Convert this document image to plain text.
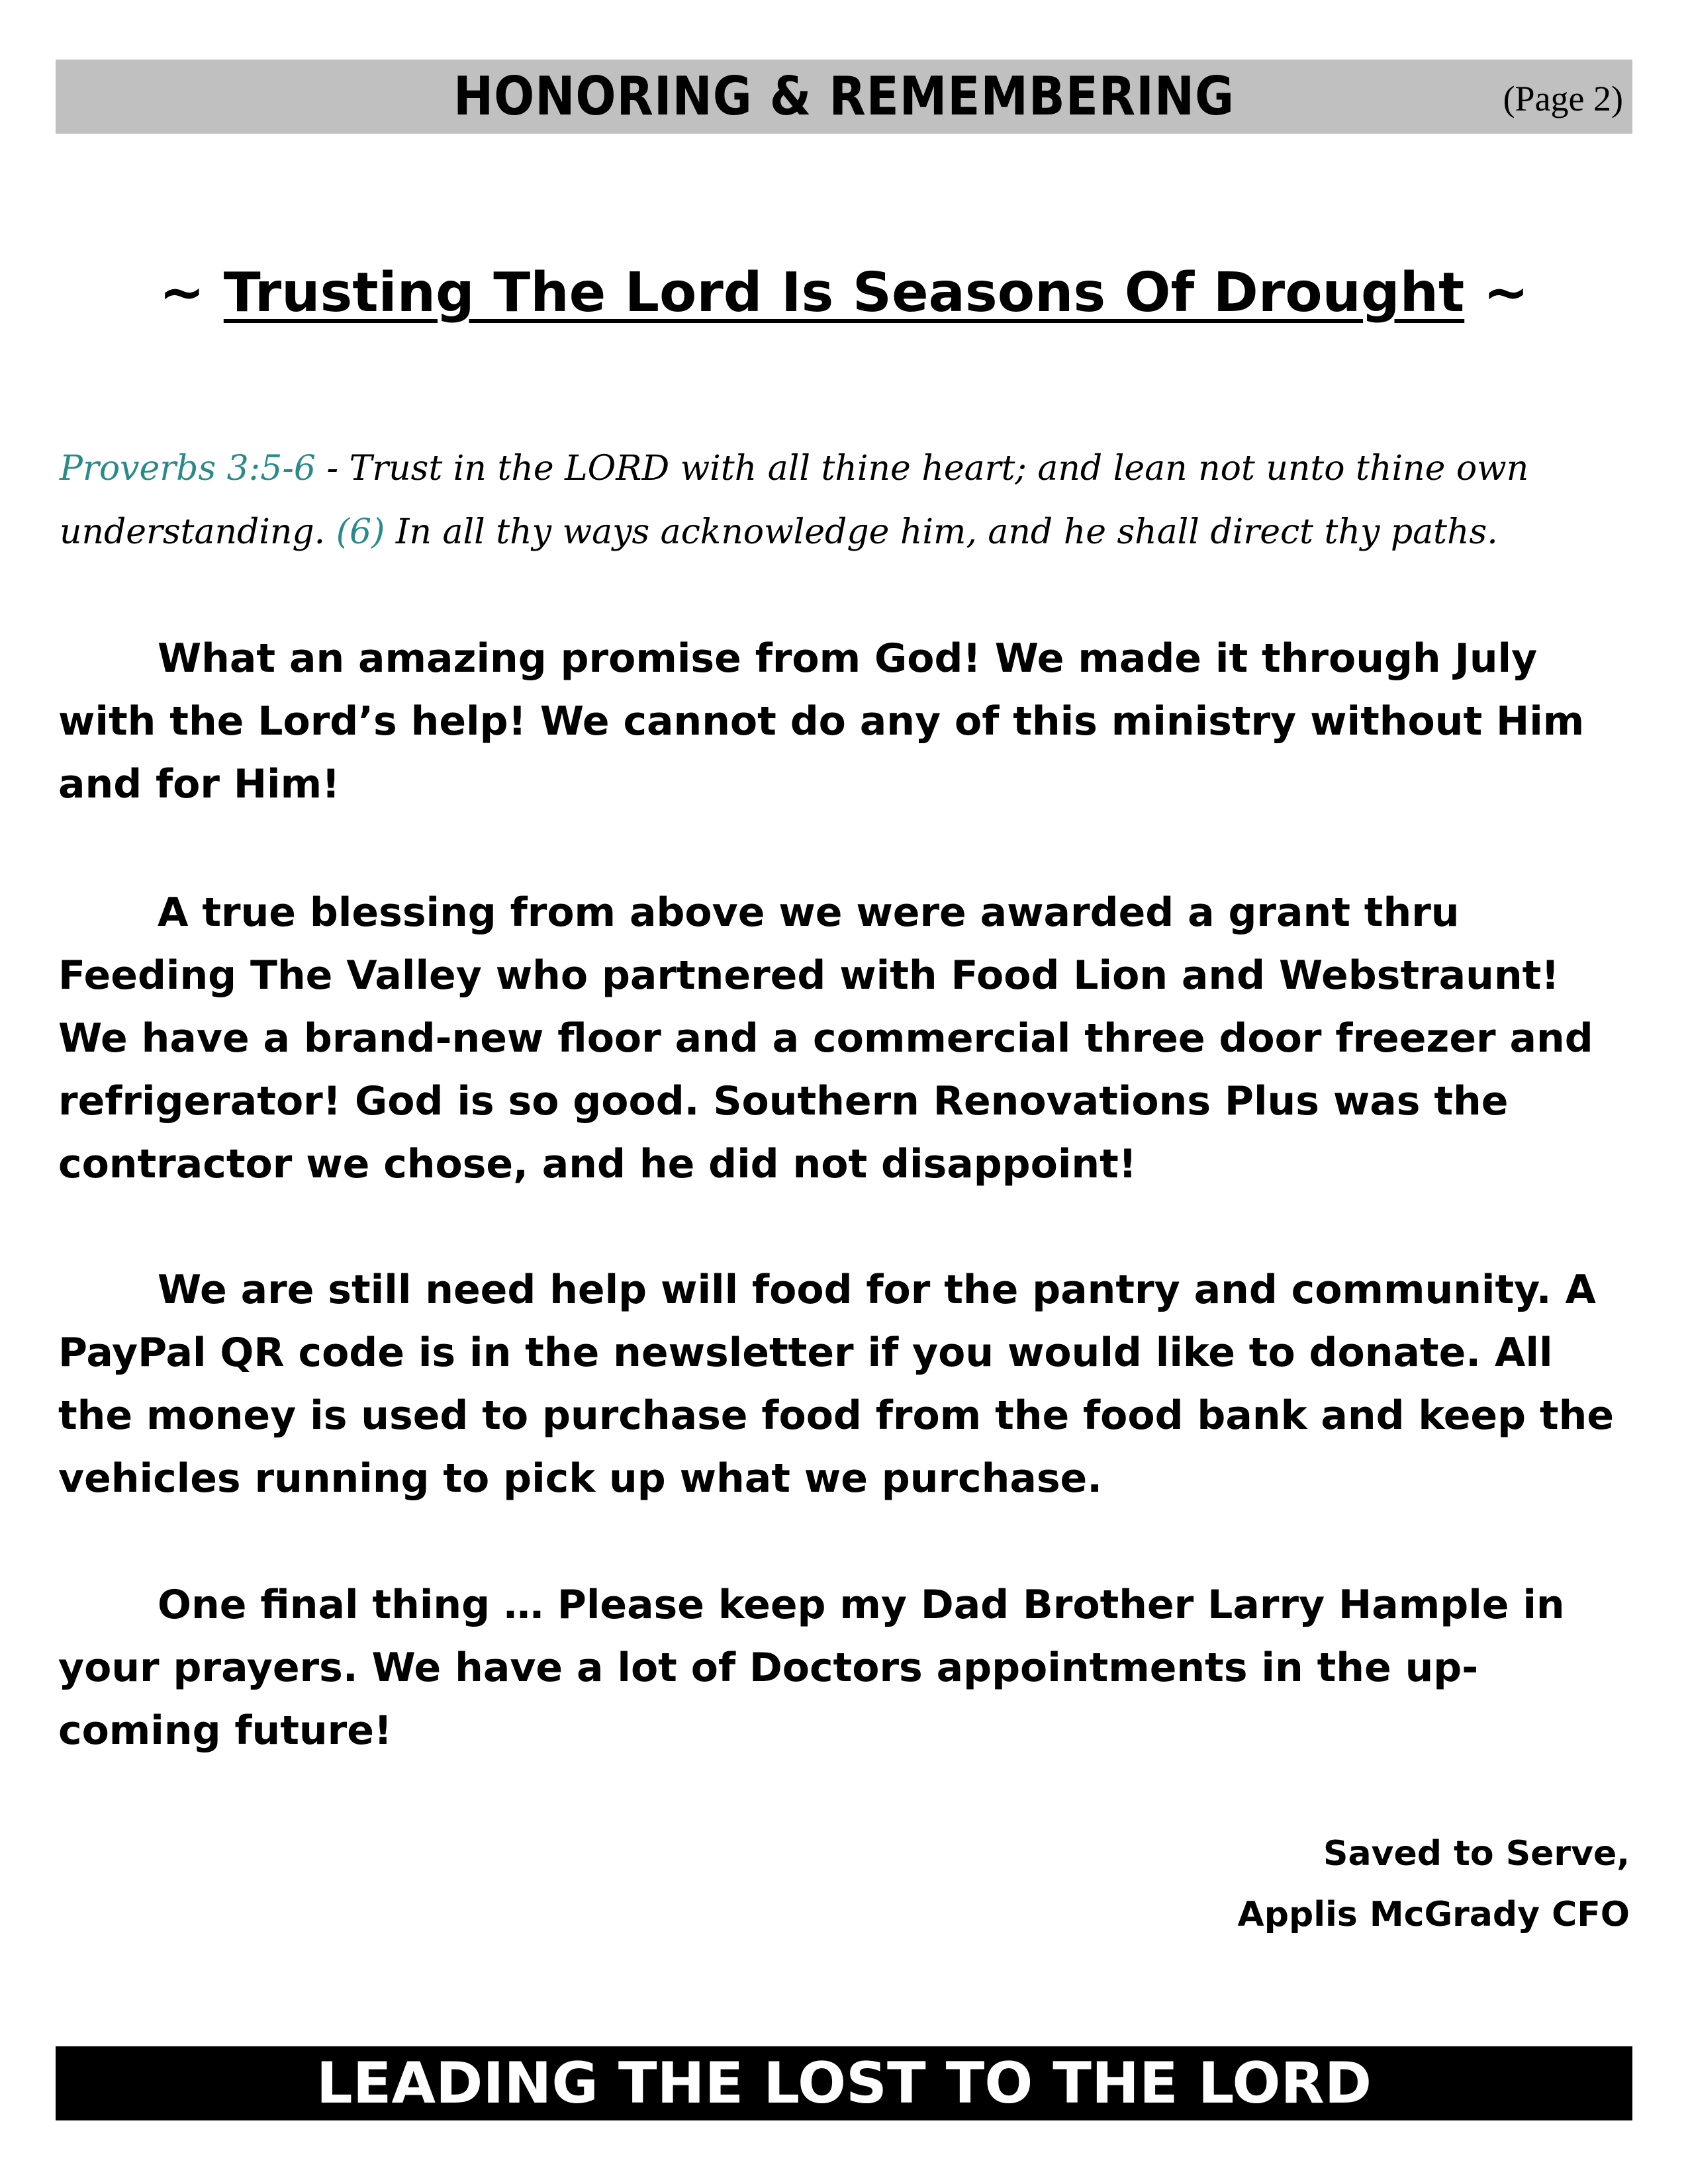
HONORING & REMEMBERING	(Page 2)
~ Trusting The Lord Is Seasons Of Drought ~
Proverbs 3:5-6 - Trust in the LORD with all thine heart; and lean not unto thine own understanding. (6) In all thy ways acknowledge him, and he shall direct thy paths.

What an amazing promise from God! We made it through July with the Lord’s help! We cannot do any of this ministry without Him and for Him!

A true blessing from above we were awarded a grant thru Feeding The Valley who partnered with Food Lion and Webstraunt! We have a brand-new floor and a commercial three door freezer and refrigerator! God is so good. Southern Renovations Plus was the contractor we chose, and he did not disappoint!

We are still need help will food for the pantry and community. A PayPal QR code is in the newsletter if you would like to donate. All the money is used to purchase food from the food bank and keep the vehicles running to pick up what we purchase.

One final thing … Please keep my Dad Brother Larry Hample in your prayers. We have a lot of Doctors appointments in the up-coming future!

Saved to Serve,
Applis McGrady CFO
LEADING THE LOST TO THE LORD
